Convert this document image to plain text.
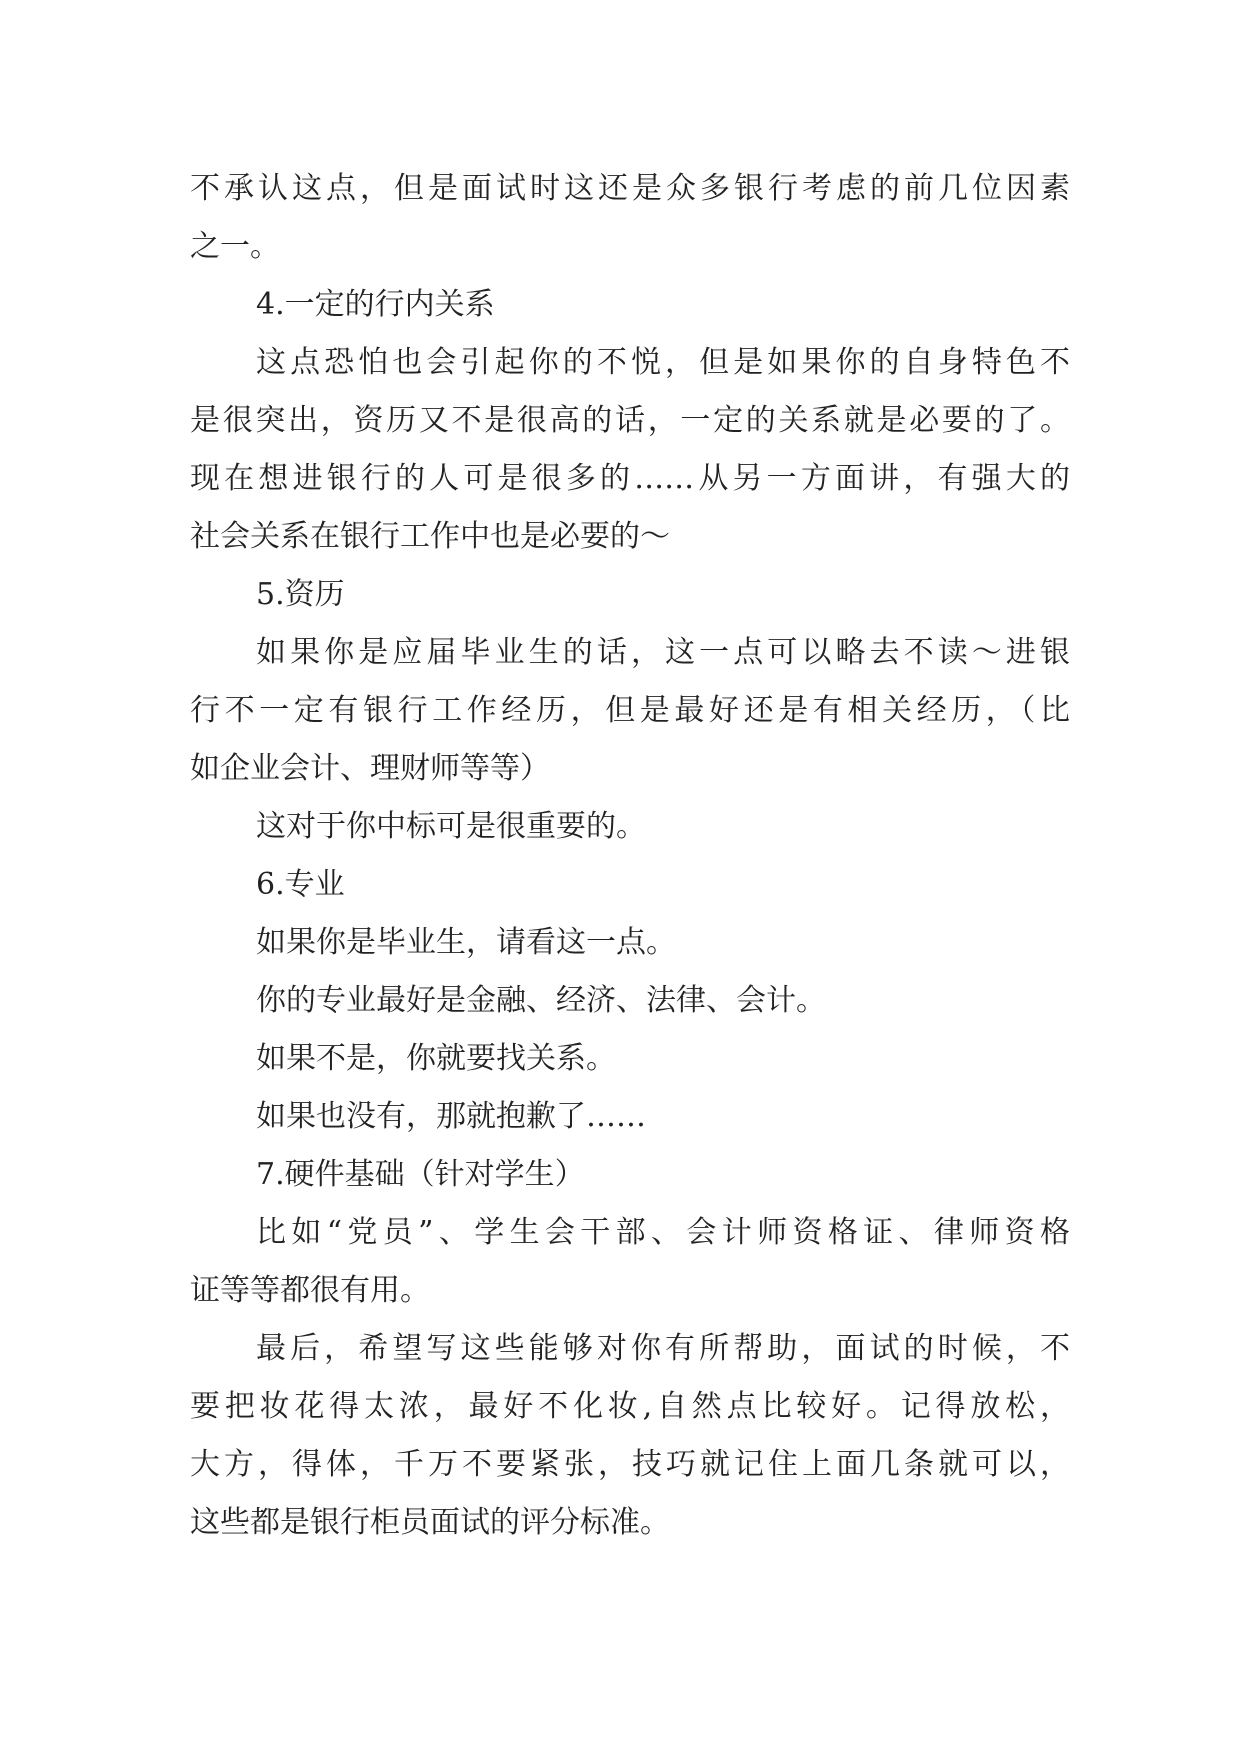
不承认这点，但是面试时这还是众多银行考虑的前几位因素

之一。

4.一定的行内关系

这点恐怕也会引起你的不悦，但是如果你的自身特色不

是很突出，资历又不是很高的话，一定的关系就是必要的了。

现在想进银行的人可是很多的……从另一方面讲，有强大的

社会关系在银行工作中也是必要的～

5.资历

如果你是应届毕业生的话，这一点可以略去不读～进银

行不一定有银行工作经历，但是最好还是有相关经历，（比

如企业会计、理财师等等）

这对于你中标可是很重要的。

6.专业

如果你是毕业生，请看这一点。

你的专业最好是金融、经济、法律、会计。

如果不是，你就要找关系。

如果也没有，那就抱歉了……

7.硬件基础（针对学生）

比如“党员”、学生会干部、会计师资格证、律师资格

证等等都很有用。

最后，希望写这些能够对你有所帮助，面试的时候，不

要把妆花得太浓，最好不化妆,自然点比较好。记得放松，

大方，得体，千万不要紧张，技巧就记住上面几条就可以，

这些都是银行柜员面试的评分标准。
